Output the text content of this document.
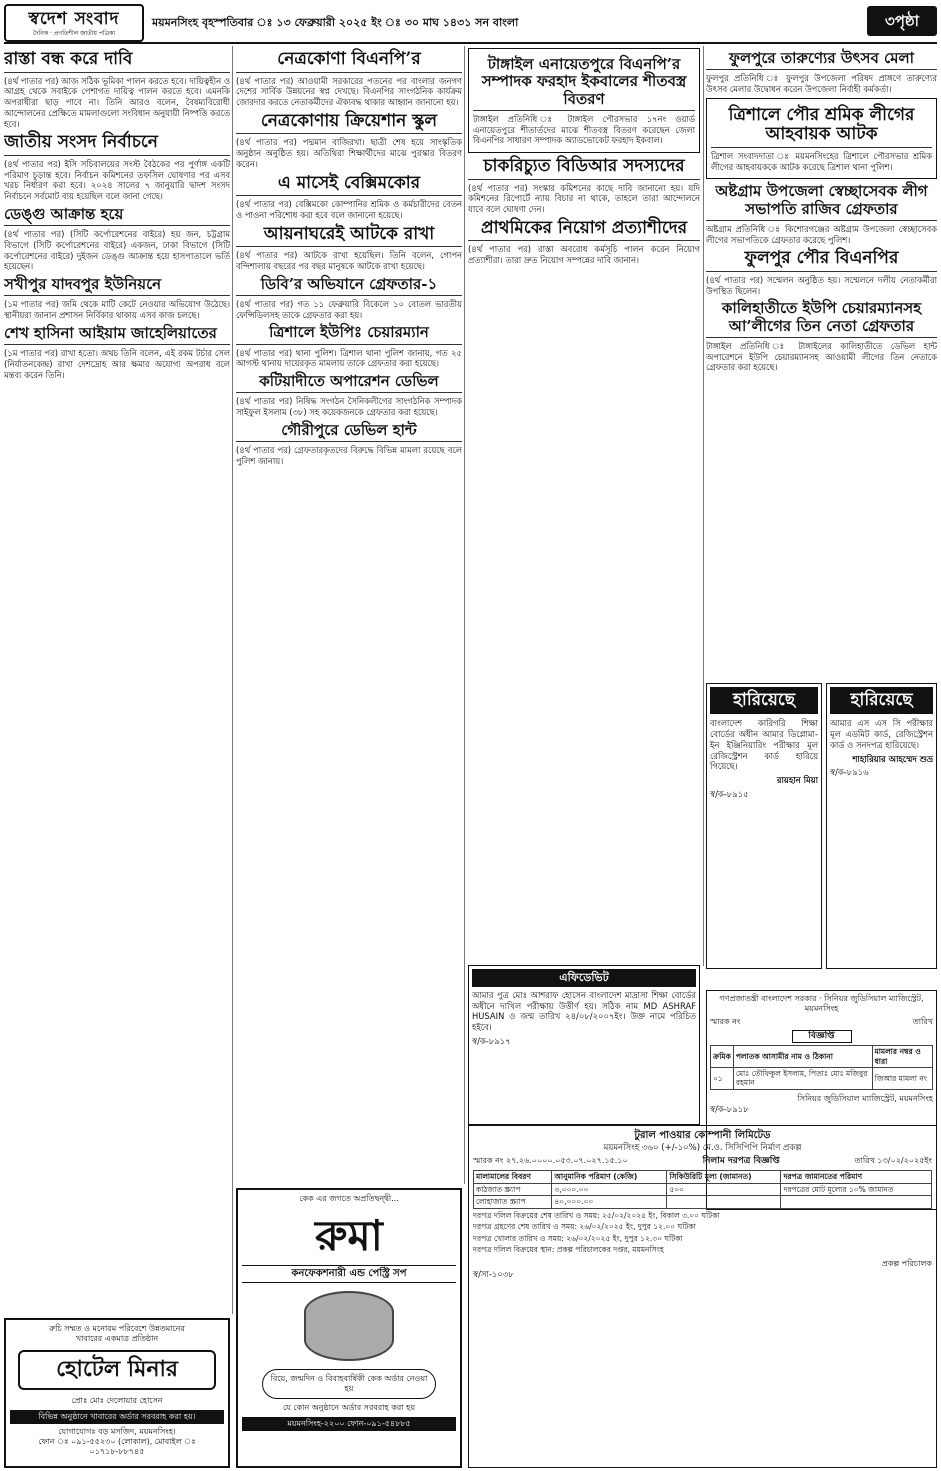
স্বদেশ সংবাদ
দৈনিক · প্রগতিশীল জাতীয় পত্রিকা
ময়মনসিংহ বৃহস্পতিবার ঃ ১৩ ফেব্রুয়ারী ২০২৫ ইং ঃ ৩০ মাঘ ১৪৩১ সন বাংলা	৩পৃষ্ঠা
রাস্তা বন্ধ করে দাবি

(৪র্থ পাতার পর) আজ সঠিক ভূমিকা পালন করতে হবে। দায়িত্বহীন ও আগ্রহ থেকে সবাইকে পেশাগত দায়িত্ব পালন করতে হবে। এমনকি অপরাধীরা ছাড় পাবে না। তিনি আরও বলেন, বৈষম্যবিরোধী আন্দোলনের প্রেক্ষিতে মামলাগুলো সংবিধান অনুযায়ী নিষ্পত্তি করতে হবে।

জাতীয় সংসদ নির্বাচনে

(৪র্থ পাতার পর) ইসি সচিবালয়ের সংস্ট বৈঠকের পর পুর্ণাঙ্গ একটি পরিমাণ চূড়ান্ত হবে। নির্বাচন কমিশনের তফসিল ঘোষণার পর এসব খরচ নির্ধারণ করা হবে। ২০২৪ সালের ৭ জানুয়ারি দ্বাদশ সংসদ নির্বাচনে সর্বমোট ব্যয় হয়েছিল বলে জানা গেছে।

ডেঙ্গু আক্রান্ত হয়ে

(৪র্থ পাতার পর) (সিটি কর্পোরেশনের বাইরে) হয় জন, চট্টগ্রাম বিভাগে (সিটি কর্পোরেশনের বাইরে) একজন, ঢাকা বিভাগে (সিটি কর্পোরেশনের বাইরে) দুইজন ডেঙ্গু আক্রান্ত হয়ে হাসপাতালে ভর্তি হয়েছেন।

সখীপুর যাদবপুর ইউনিয়নে

(১ম পাতার পর) জমি থেকে মাটি কেটে নেওয়ার অভিযোগ উঠেছে। স্থানীয়রা জানান প্রশাসন নির্বিকার থাকায় এসব কাজ চলছে।

শেখ হাসিনা আইয়াম জাহেলিয়াতের

(১ম পাতার পর) রাখা হতো। অথচ তিনি বলেন, এই রকম টর্চার সেল (নির্যাতনকেন্দ্র) রাখা দেশদ্রোহ আর ক্ষমার অযোগ্য অপরাধ বলে মন্তব্য করেন তিনি।

নেত্রকোণা বিএনপি’র

(৪র্থ পাতার পর) আওয়ামী সরকারের পতনের পর বাংলার জনগণ দেশের সার্বিক উন্নয়নের স্বপ্ন দেখছে। বিএনপির সাংগঠনিক কার্যক্রম জোরদার করতে নেতাকর্মীদের ঐক্যবদ্ধ থাকার আহ্বান জানানো হয়।

নেত্রকোণায় ক্রিয়েশান স্কুল

(৪র্থ পাতার পর) পদ্মমান বাজিরখা। ছাত্রী শেষ হয়ে সাংস্কৃতিক অনুষ্ঠান অনুষ্ঠিত হয়। অতিথিরা শিক্ষার্থীদের মাঝে পুরস্কার বিতরণ করেন।

এ মাসেই বেক্সিমকোর

(৪র্থ পাতার পর) বেক্সিমকো কোম্পানির শ্রমিক ও কর্মচারীদের বেতন ও পাওনা পরিশোধ করা হবে বলে জানানো হয়েছে।

আয়নাঘরেই আটকে রাখা

(৪র্থ পাতার পর) আটকে রাখা হয়েছিল। তিনি বলেন, গোপন বন্দিশালায় বছরের পর বছর মানুষকে আটকে রাখা হয়েছে।

ডিবি’র অভিযানে গ্রেফতার-১

(৪র্থ পাতার পর) গত ১১ ফেব্রুয়ারি বিকেলে ১০ বোতল ভারতীয় ফেন্সিডিলসহ তাকে গ্রেফতার করা হয়।

ত্রিশালে ইউপিঃ চেয়ারম্যান

(৪র্থ পাতার পর) থানা পুলিশ। ত্রিশাল থানা পুলিশ জানায়, গত ২৫ আগস্ট থানায় দায়েরকৃত মামলায় তাকে গ্রেফতার করা হয়েছে।

কটিয়াদীতে অপারেশন ডেভিল

(৪র্থ পাতার পর) নিষিদ্ধ সংগঠন সৈনিকলীগের সাংগঠনিক সম্পাদক সাইফুল ইসলাম (৩৮) সহ কয়েকজনকে গ্রেফতার করা হয়েছে।

গৌরীপুরে ডেভিল হান্ট

(৪র্থ পাতার পর) গ্রেফতারকৃতদের বিরুদ্ধে বিভিন্ন মামলা রয়েছে বলে পুলিশ জানায়।

টাঙ্গাইল এনায়েতপুরে বিএনপি’র সম্পাদক ফরহাদ ইকবালের শীতবস্ত্র বিতরণ

টাঙ্গাইল প্রতিনিধি ঃ টাঙ্গাইল পৌরসভার ১৭নং ওয়ার্ড এনায়েতপুরে শীতার্তদের মাঝে শীতবস্ত্র বিতরণ করেছেন জেলা বিএনপির সাধারণ সম্পাদক অ্যাডভোকেট ফরহাদ ইকবাল।

চাকরিচ্যুত বিডিআর সদস্যদের

(৪র্থ পাতার পর) সংস্কার কমিশনের কাছে দাবি জানানো হয়। যদি কমিশনের রিপোর্টে ন্যায় বিচার না থাকে, তাহলে তারা আন্দোলনে যাবে বলে ঘোষণা দেন।

প্রাথমিকের নিয়োগ প্রত্যাশীদের

(৪র্থ পাতার পর) রাস্তা অবরোধ কর্মসূচি পালন করেন নিয়োগ প্রত্যাশীরা। তারা দ্রুত নিয়োগ সম্পন্নের দাবি জানান।

ফুলপুরে তারুণ্যের উৎসব মেলা

ফুলপুর প্রতিনিধি ঃ ফুলপুর উপজেলা পরিষদ প্রাঙ্গণে তারুণ্যের উৎসব মেলার উদ্বোধন করেন উপজেলা নির্বাহী কর্মকর্তা।

ত্রিশালে পৌর শ্রমিক লীগের আহবায়ক আটক

ত্রিশাল সংবাদদাতা ঃ ময়মনসিংহের ত্রিশালে পৌরসভার শ্রমিক লীগের আহবায়ককে আটক করেছে ত্রিশাল থানা পুলিশ।

অষ্টগ্রাম উপজেলা স্বেচ্ছাসেবক লীগ সভাপতি রাজিব গ্রেফতার

অষ্টগ্রাম প্রতিনিধি ঃ কিশোরগঞ্জের অষ্টগ্রাম উপজেলা স্বেচ্ছাসেবক লীগের সভাপতিকে গ্রেফতার করেছে পুলিশ।

ফুলপুর পৌর বিএনপির

(৪র্থ পাতার পর) সম্মেলন অনুষ্ঠিত হয়। সম্মেলনে দলীয় নেতাকর্মীরা উপস্থিত ছিলেন।

কালিহাতীতে ইউপি চেয়ারম্যানসহ আ’লীগের তিন নেতা গ্রেফতার

টাঙ্গাইল প্রতিনিধি ঃ টাঙ্গাইলের কালিহাতীতে ডেভিল হান্ট অপারেশনে ইউপি চেয়ারম্যানসহ আওয়ামী লীগের তিন নেতাকে গ্রেফতার করা হয়েছে।

হারিয়েছে

বাংলাদেশ কারিগরি শিক্ষা বোর্ডের অধীন আমার ডিপ্লোমা-ইন ইঞ্জিনিয়ারিং পরীক্ষার মূল রেজিস্ট্রেশন কার্ড হারিয়ে গিয়েছে।

রায়হান মিয়া

স্ব/ক-৮৯১৫

হারিয়েছে

আমার এস এস সি পরীক্ষার মূল এডমিট কার্ড, রেজিস্ট্রেশন কার্ড ও সনদপত্র হারিয়েছে।

শাহারিয়ার আহম্মেদ শুভ্র

স্ব/ক-৮৯১৬

এফিডেভিট

আমার পুত্র মোঃ আশরাফ হোসেন বাংলাদেশ মাদ্রাসা শিক্ষা বোর্ডের অধীনে দাখিল পরীক্ষায় উত্তীর্ণ হয়। সঠিক নাম MD ASHRAF HUSAIN ও জন্ম তারিখ ২৪/০৮/২০০৭ইং। উক্ত নামে পরিচিত হইবে।

স্ব/ক-৮৯১৭

গণপ্রজাতন্ত্রী বাংলাদেশ সরকার · সিনিয়র জুডিসিয়াল ম্যাজিস্ট্রেট, ময়মনসিংহ
স্মারক নং	তারিখ
বিজ্ঞপ্তি
ক্রমিক	পলাতক আসামীর নাম ও ঠিকানা	মামলার নম্বর ও ধারা
০১	মোঃ তৌফিকুল ইসলাম, পিতাঃ মোঃ মজিবুর রহমান	জিআর মামলা নং
সিনিয়র জুডিসিয়াল ম্যাজিস্ট্রেট, ময়মনসিংহ

স্ব/ক-৮৯১৮

টুরাল পাওয়ার কোম্পানী লিমিটেড
ময়মনসিংহ ৩৬০ (+/-১০%) মে.ও. সিসিপিপি নির্মাণ প্রকল্প
স্মারক নং ২৭.২৬.০০০০.০৫৩.০৭.০২৭.১৫.১০	নিলাম দরপত্র বিজ্ঞপ্তি	তারিখ ১৩/০২/২০২৫ইং
মালামালের বিবরণ	আনুমানিক পরিমাণ (কেজি)	সিকিউরিটি মূল্য (জামানত)	দরপত্র জামানতের পরিমাণ
কাঠজাত স্ক্র্যাপ	৩,০০০.০০	৫০০	দরপত্রের মোট মূল্যের ১০% জামানত
লোহাজাত স্ক্র্যাপ	৪০,০০০.০০		

দরপত্র দলিল বিক্রয়ের শেষ তারিখ ও সময়: ২৫/০২/২০২৫ ইং, বিকাল ৩.০০ ঘটিকা

দরপত্র গ্রহণের শেষ তারিখ ও সময়: ২৬/০২/২০২৫ ইং, দুপুর ১২.০০ ঘটিকা

দরপত্র খোলার তারিখ ও সময়: ২৬/০২/২০২৫ ইং, দুপুর ১২.৩০ ঘটিকা

দরপত্র দলিল বিক্রয়ের স্থান: প্রকল্প পরিচালকের দপ্তর, ময়মনসিংহ

প্রকল্প পরিচালক

স্ব/সা-১০৩৮

রুচি সম্মত ও মনোরম পরিবেশে উন্নতমানের
খাবারের একমাত্র প্রতিষ্ঠান
হোটেল মিনার
প্রোঃ মোঃ দেলোয়ার হোসেন
বিভিন্ন অনুষ্ঠানে খাবারের অর্ডার সরবরাহ করা হয়।
যোগাযোগঃ বড় মসজিদ, ময়মনসিংহ।
ফোন ঃ ০৯১-৫৫২৩০ (লোকাল), মোবাইল ঃ ০১৭১৮-৮৮৭৪৫
কেক এর জগতে অপ্রতিদ্বন্দ্বী...
রুমা
কনফেকশনারী এন্ড পেস্ট্রি সপ
বিয়ে, জন্মদিন ও বিবাহবার্ষিকী কেক অর্ডার নেওয়া হয়
যে কোন অনুষ্ঠানে অর্ডার সরবরাহ করা হয়
ময়মনসিংহ-২২০০ ফোন-০৯১-৫৪৮৮৫
